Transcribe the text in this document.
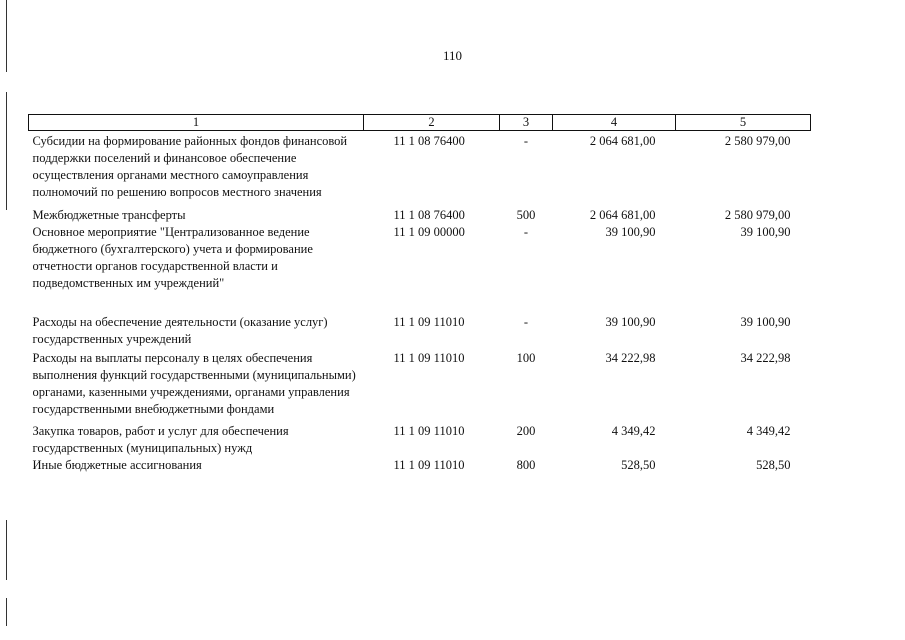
110
1	2	3	4	5
Субсидии на формирование районных фондов финансовой поддержки поселений и финансовое обеспечение осуществления органами местного самоуправления полномочий по решению вопросов местного значения	11 1 08 76400	-	2 064 681,00	2 580 979,00
Межбюджетные трансферты	11 1 08 76400	500	2 064 681,00	2 580 979,00
Основное мероприятие "Централизованное ведение бюджетного (бухгалтерского) учета и формирование отчетности органов государственной власти и подведомственных им учреждений"	11 1 09 00000	-	39 100,90	39 100,90

Расходы на обеспечение деятельности (оказание услуг) государственных учреждений	11 1 09 11010	-	39 100,90	39 100,90
Расходы на выплаты персоналу в целях обеспечения выполнения функций государственными (муниципальными) органами, казенными учреждениями, органами управления государственными внебюджетными фондами	11 1 09 11010	100	34 222,98	34 222,98
Закупка товаров, работ и услуг для обеспечения государственных (муниципальных) нужд	11 1 09 11010	200	4 349,42	4 349,42
Иные бюджетные ассигнования	11 1 09 11010	800	528,50	528,50
